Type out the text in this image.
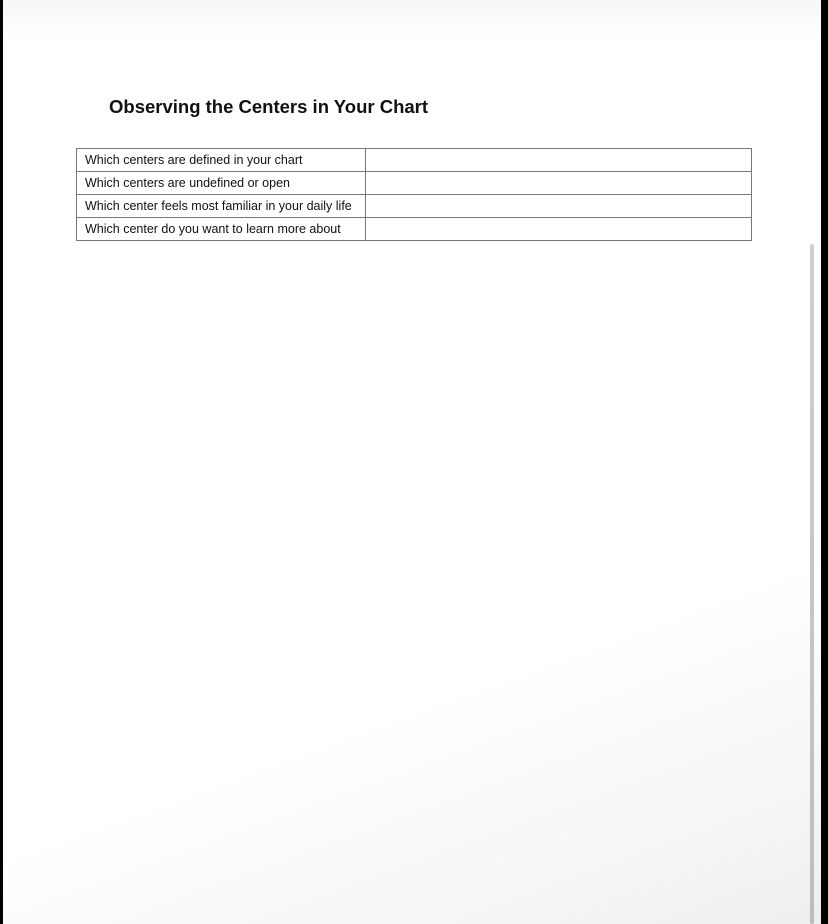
Observing the Centers in Your Chart
Which centers are defined in your chart	
Which centers are undefined or open	
Which center feels most familiar in your daily life	
Which center do you want to learn more about	
